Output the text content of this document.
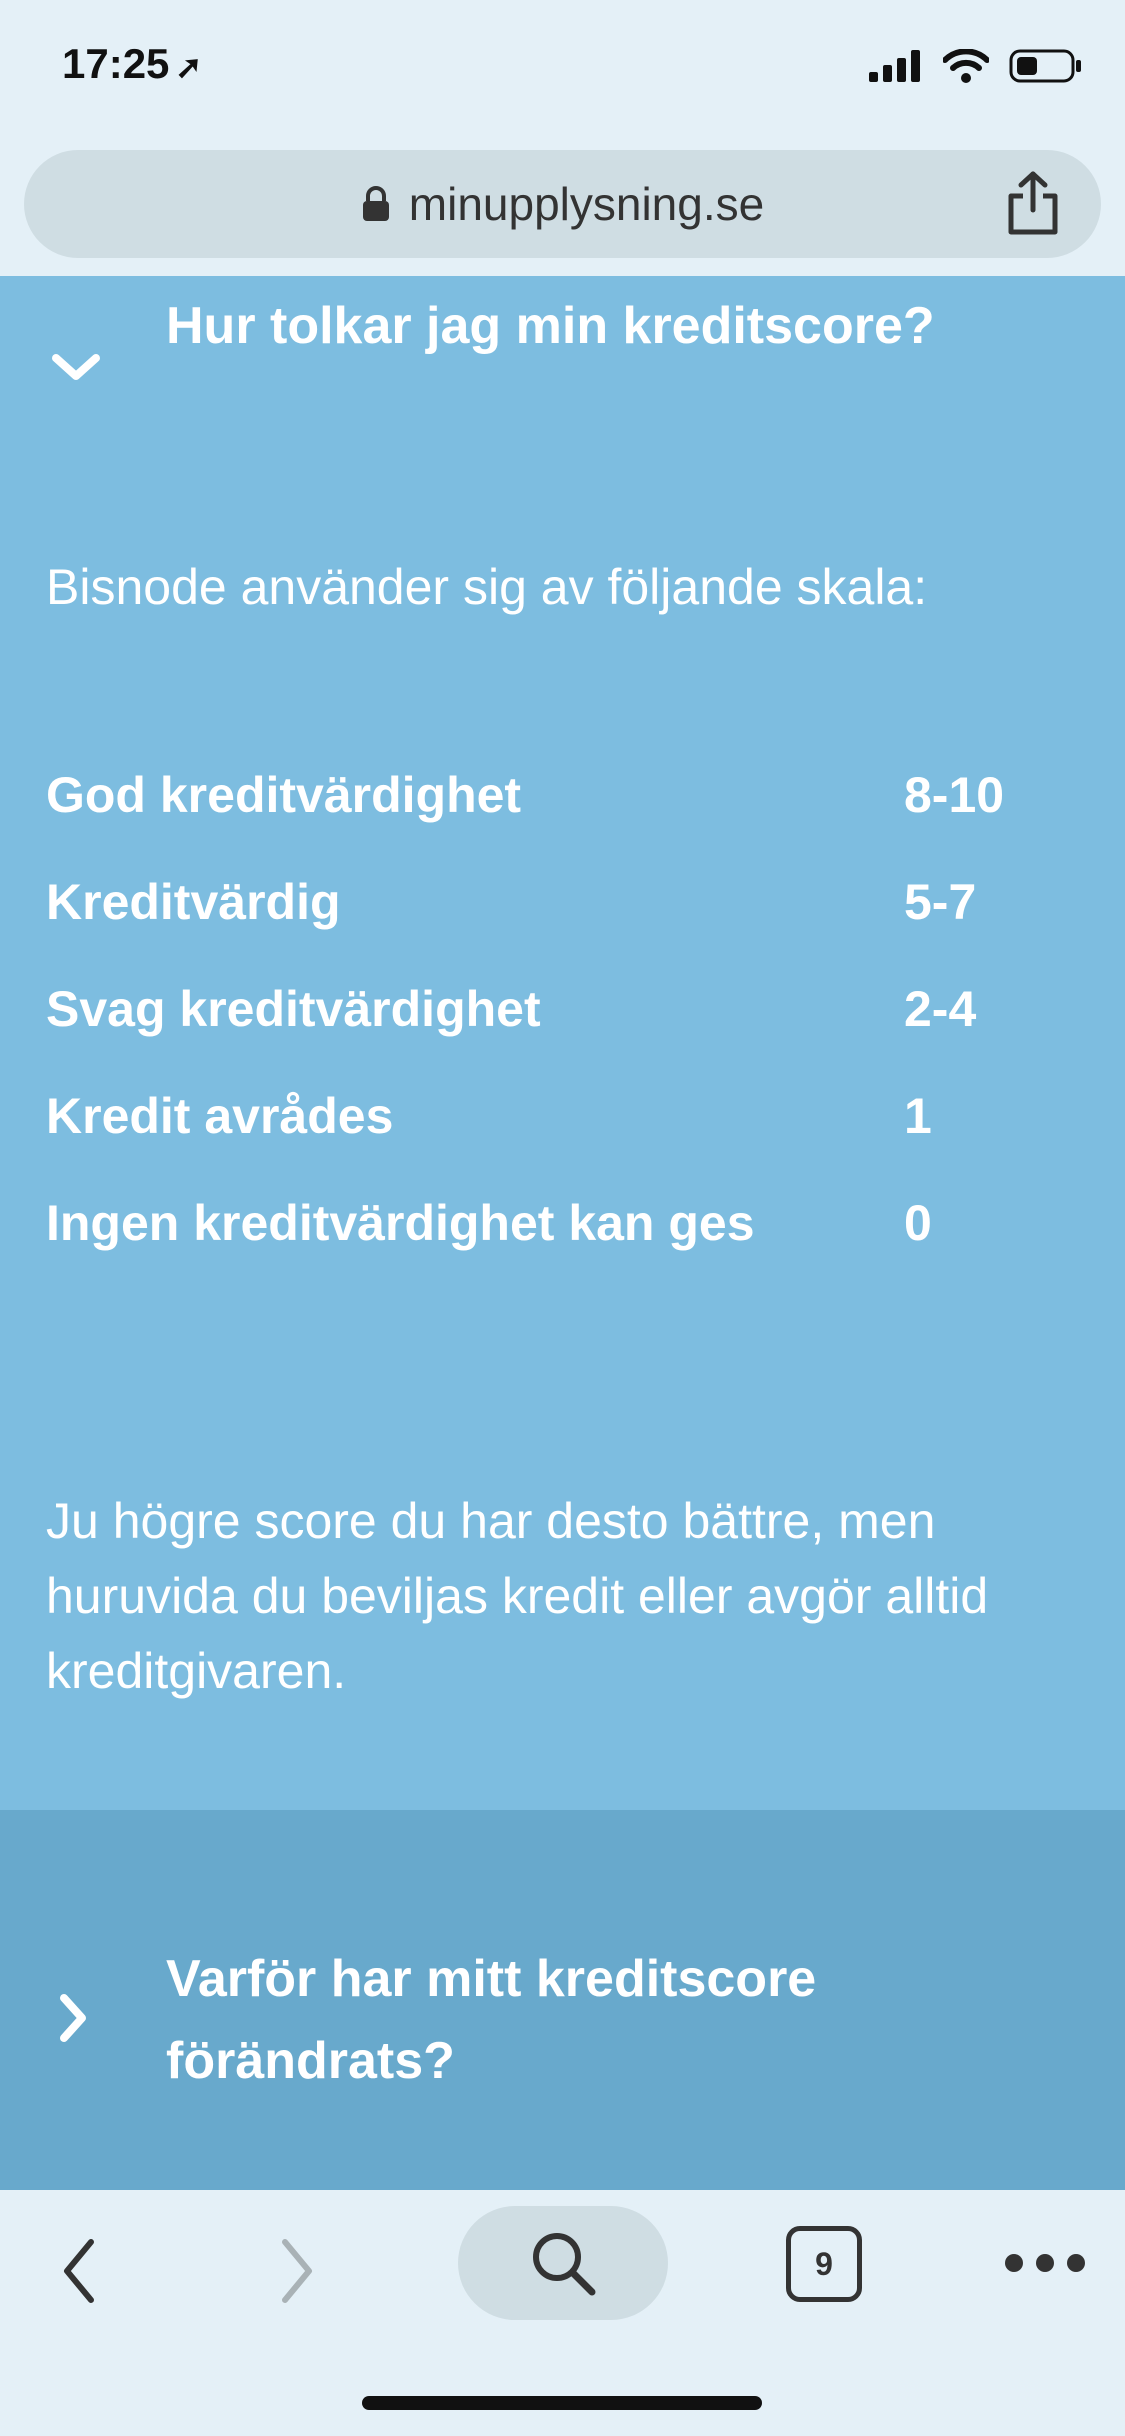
17:25 ➚
minupplysning.se
Hur tolkar jag min kreditscore?
Bisnode använder sig av följande skala:
God kreditvärdighet	8-10
Kreditvärdig	5-7
Svag kreditvärdighet	2-4
Kredit avrådes	1
Ingen kreditvärdighet kan ges	0
Ju högre score du har desto bättre, men huruvida du beviljas kredit eller avgör alltid kreditgivaren.
Varför har mitt kreditscore förändrats?
9
